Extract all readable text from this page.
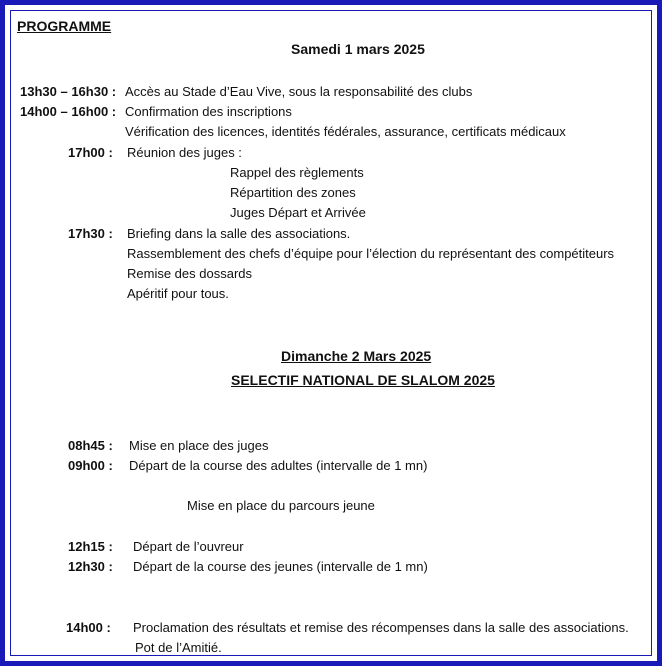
PROGRAMME
Samedi 1 mars 2025
13h30 – 16h30 : Accès au Stade d’Eau Vive, sous la responsabilité des clubs
14h00 – 16h00 : Confirmation des inscriptions
Vérification des licences, identités fédérales, assurance, certificats médicaux
17h00 : Réunion des juges :
Rappel des règlements
Répartition des zones
Juges Départ et Arrivée
17h30 : Briefing dans la salle des associations.
Rassemblement des chefs d’équipe pour l’élection du représentant des compétiteurs
Remise des dossards
Apéritif pour tous.
Dimanche 2 Mars 2025
SELECTIF NATIONAL DE SLALOM 2025
08h45 : Mise en place des juges
09h00 : Départ de la course des adultes (intervalle de 1 mn)
Mise en place du parcours jeune
12h15 : Départ de l’ouvreur
12h30 : Départ de la course des jeunes (intervalle de 1 mn)
14h00 : Proclamation des résultats et remise des récompenses dans la salle des associations.
Pot de l’Amitié.
